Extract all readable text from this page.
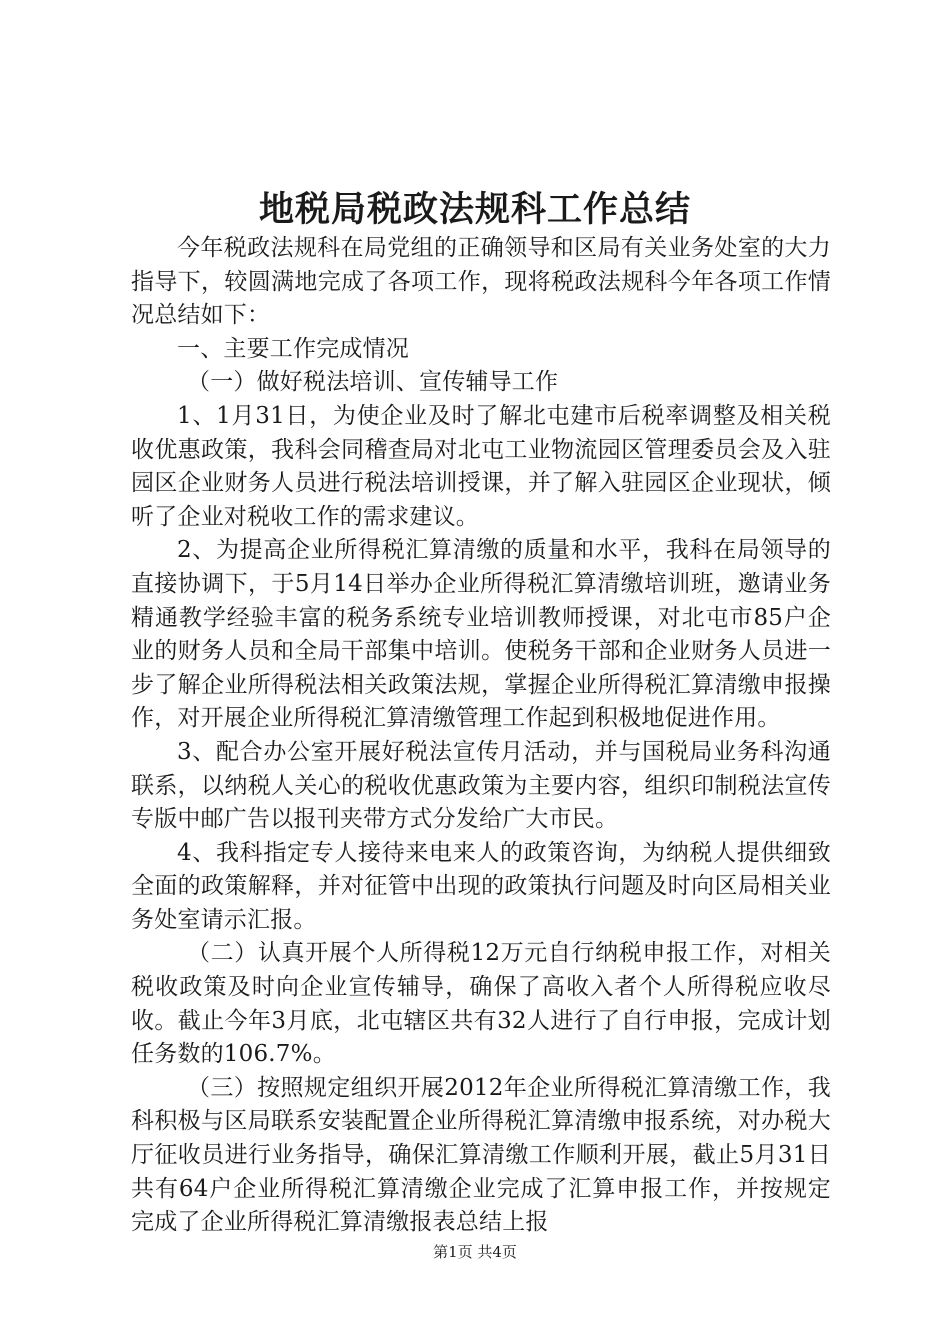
地税局税政法规科工作总结

今年税政法规科在局党组的正确领导和区局有关业务处室的大力指导下，较圆满地完成了各项工作，现将税政法规科今年各项工作情况总结如下：

一、主要工作完成情况

（一）做好税法培训、宣传辅导工作

1、1月31日，为使企业及时了解北屯建市后税率调整及相关税收优惠政策，我科会同稽查局对北屯工业物流园区管理委员会及入驻园区企业财务人员进行税法培训授课，并了解入驻园区企业现状，倾听了企业对税收工作的需求建议。

2、为提高企业所得税汇算清缴的质量和水平，我科在局领导的直接协调下，于5月14日举办企业所得税汇算清缴培训班，邀请业务精通教学经验丰富的税务系统专业培训教师授课，对北屯市85户企业的财务人员和全局干部集中培训。使税务干部和企业财务人员进一步了解企业所得税法相关政策法规，掌握企业所得税汇算清缴申报操作，对开展企业所得税汇算清缴管理工作起到积极地促进作用。

3、配合办公室开展好税法宣传月活动，并与国税局业务科沟通联系，以纳税人关心的税收优惠政策为主要内容，组织印制税法宣传专版中邮广告以报刊夹带方式分发给广大市民。

4、我科指定专人接待来电来人的政策咨询，为纳税人提供细致全面的政策解释，并对征管中出现的政策执行问题及时向区局相关业务处室请示汇报。

（二）认真开展个人所得税12万元自行纳税申报工作，对相关税收政策及时向企业宣传辅导，确保了高收入者个人所得税应收尽收。截止今年3月底，北屯辖区共有32人进行了自行申报，完成计划任务数的106.7%。

（三）按照规定组织开展2012年企业所得税汇算清缴工作，我科积极与区局联系安装配置企业所得税汇算清缴申报系统，对办税大厅征收员进行业务指导，确保汇算清缴工作顺利开展，截止5月31日共有64户企业所得税汇算清缴企业完成了汇算申报工作，并按规定完成了企业所得税汇算清缴报表总结上报

第1页 共4页
